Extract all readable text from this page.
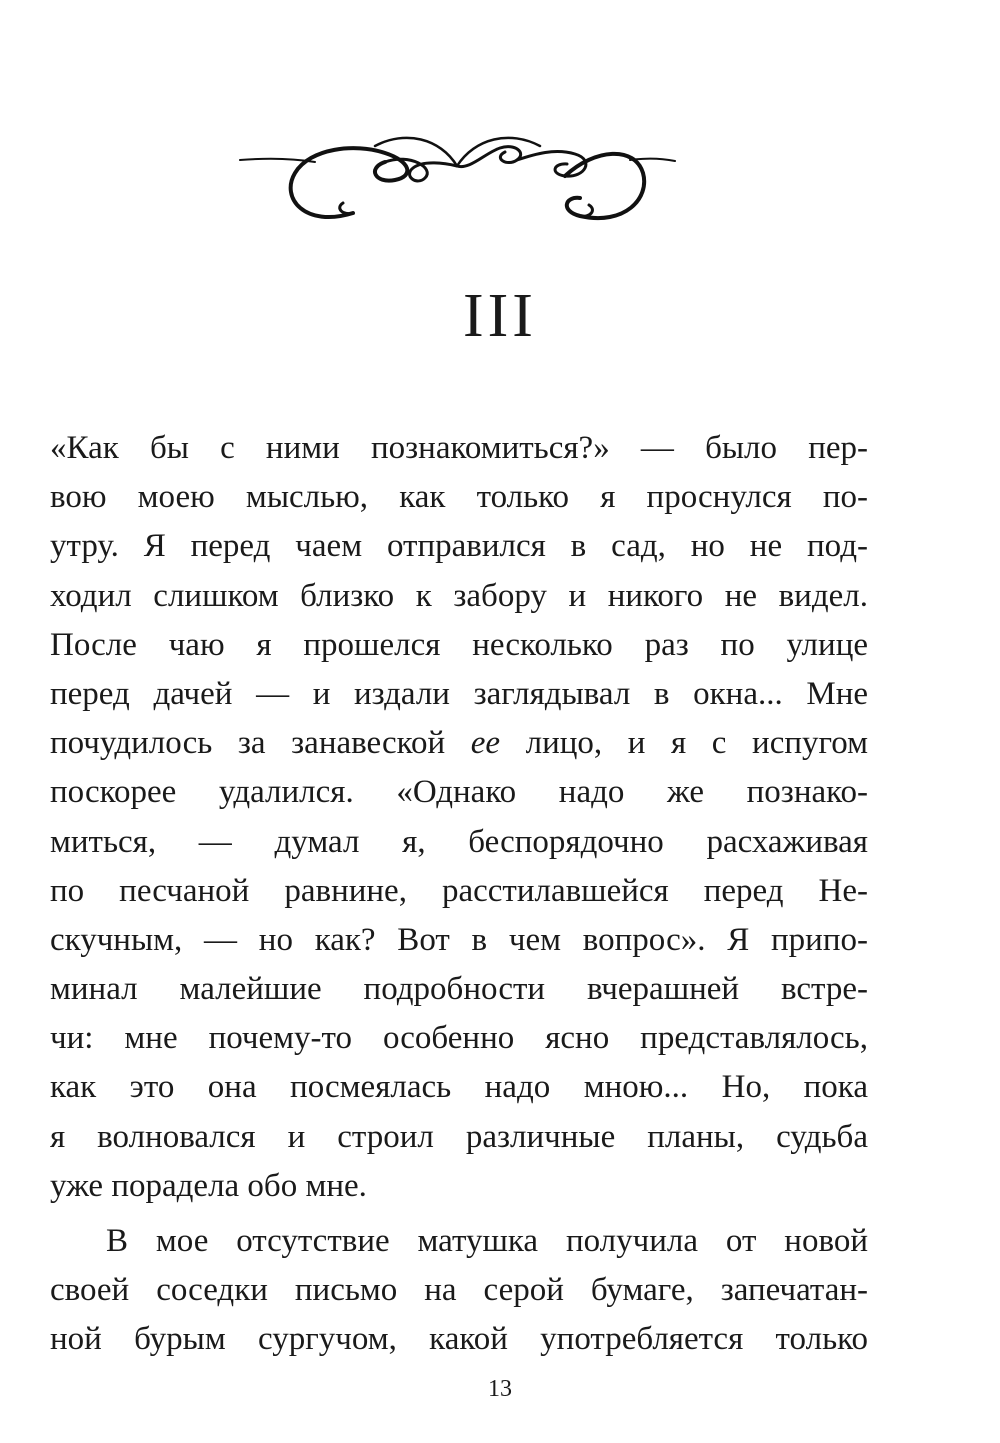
III
«Как бы с ними познакомиться?» — было пер-
вою моею мыслью, как только я проснулся по-
утру. Я перед чаем отправился в сад, но не под-
ходил слишком близко к забору и никого не видел.
После чаю я прошелся несколько раз по улице
перед дачей — и издали заглядывал в окна... Мне
почудилось за занавеской ее лицо, и я с испугом
поскорее удалился. «Однако надо же познако-
миться, — думал я, беспорядочно расхаживая
по песчаной равнине, расстилавшейся перед Не-
скучным, — но как? Вот в чем вопрос». Я припо-
минал малейшие подробности вчерашней встре-
чи: мне почему-то особенно ясно представлялось,
как это она посмеялась надо мною... Но, пока
я волновался и строил различные планы, судьба
уже порадела обо мне.
В мое отсутствие матушка получила от новой
своей соседки письмо на серой бумаге, запечатан-
ной бурым сургучом, какой употребляется только
13
